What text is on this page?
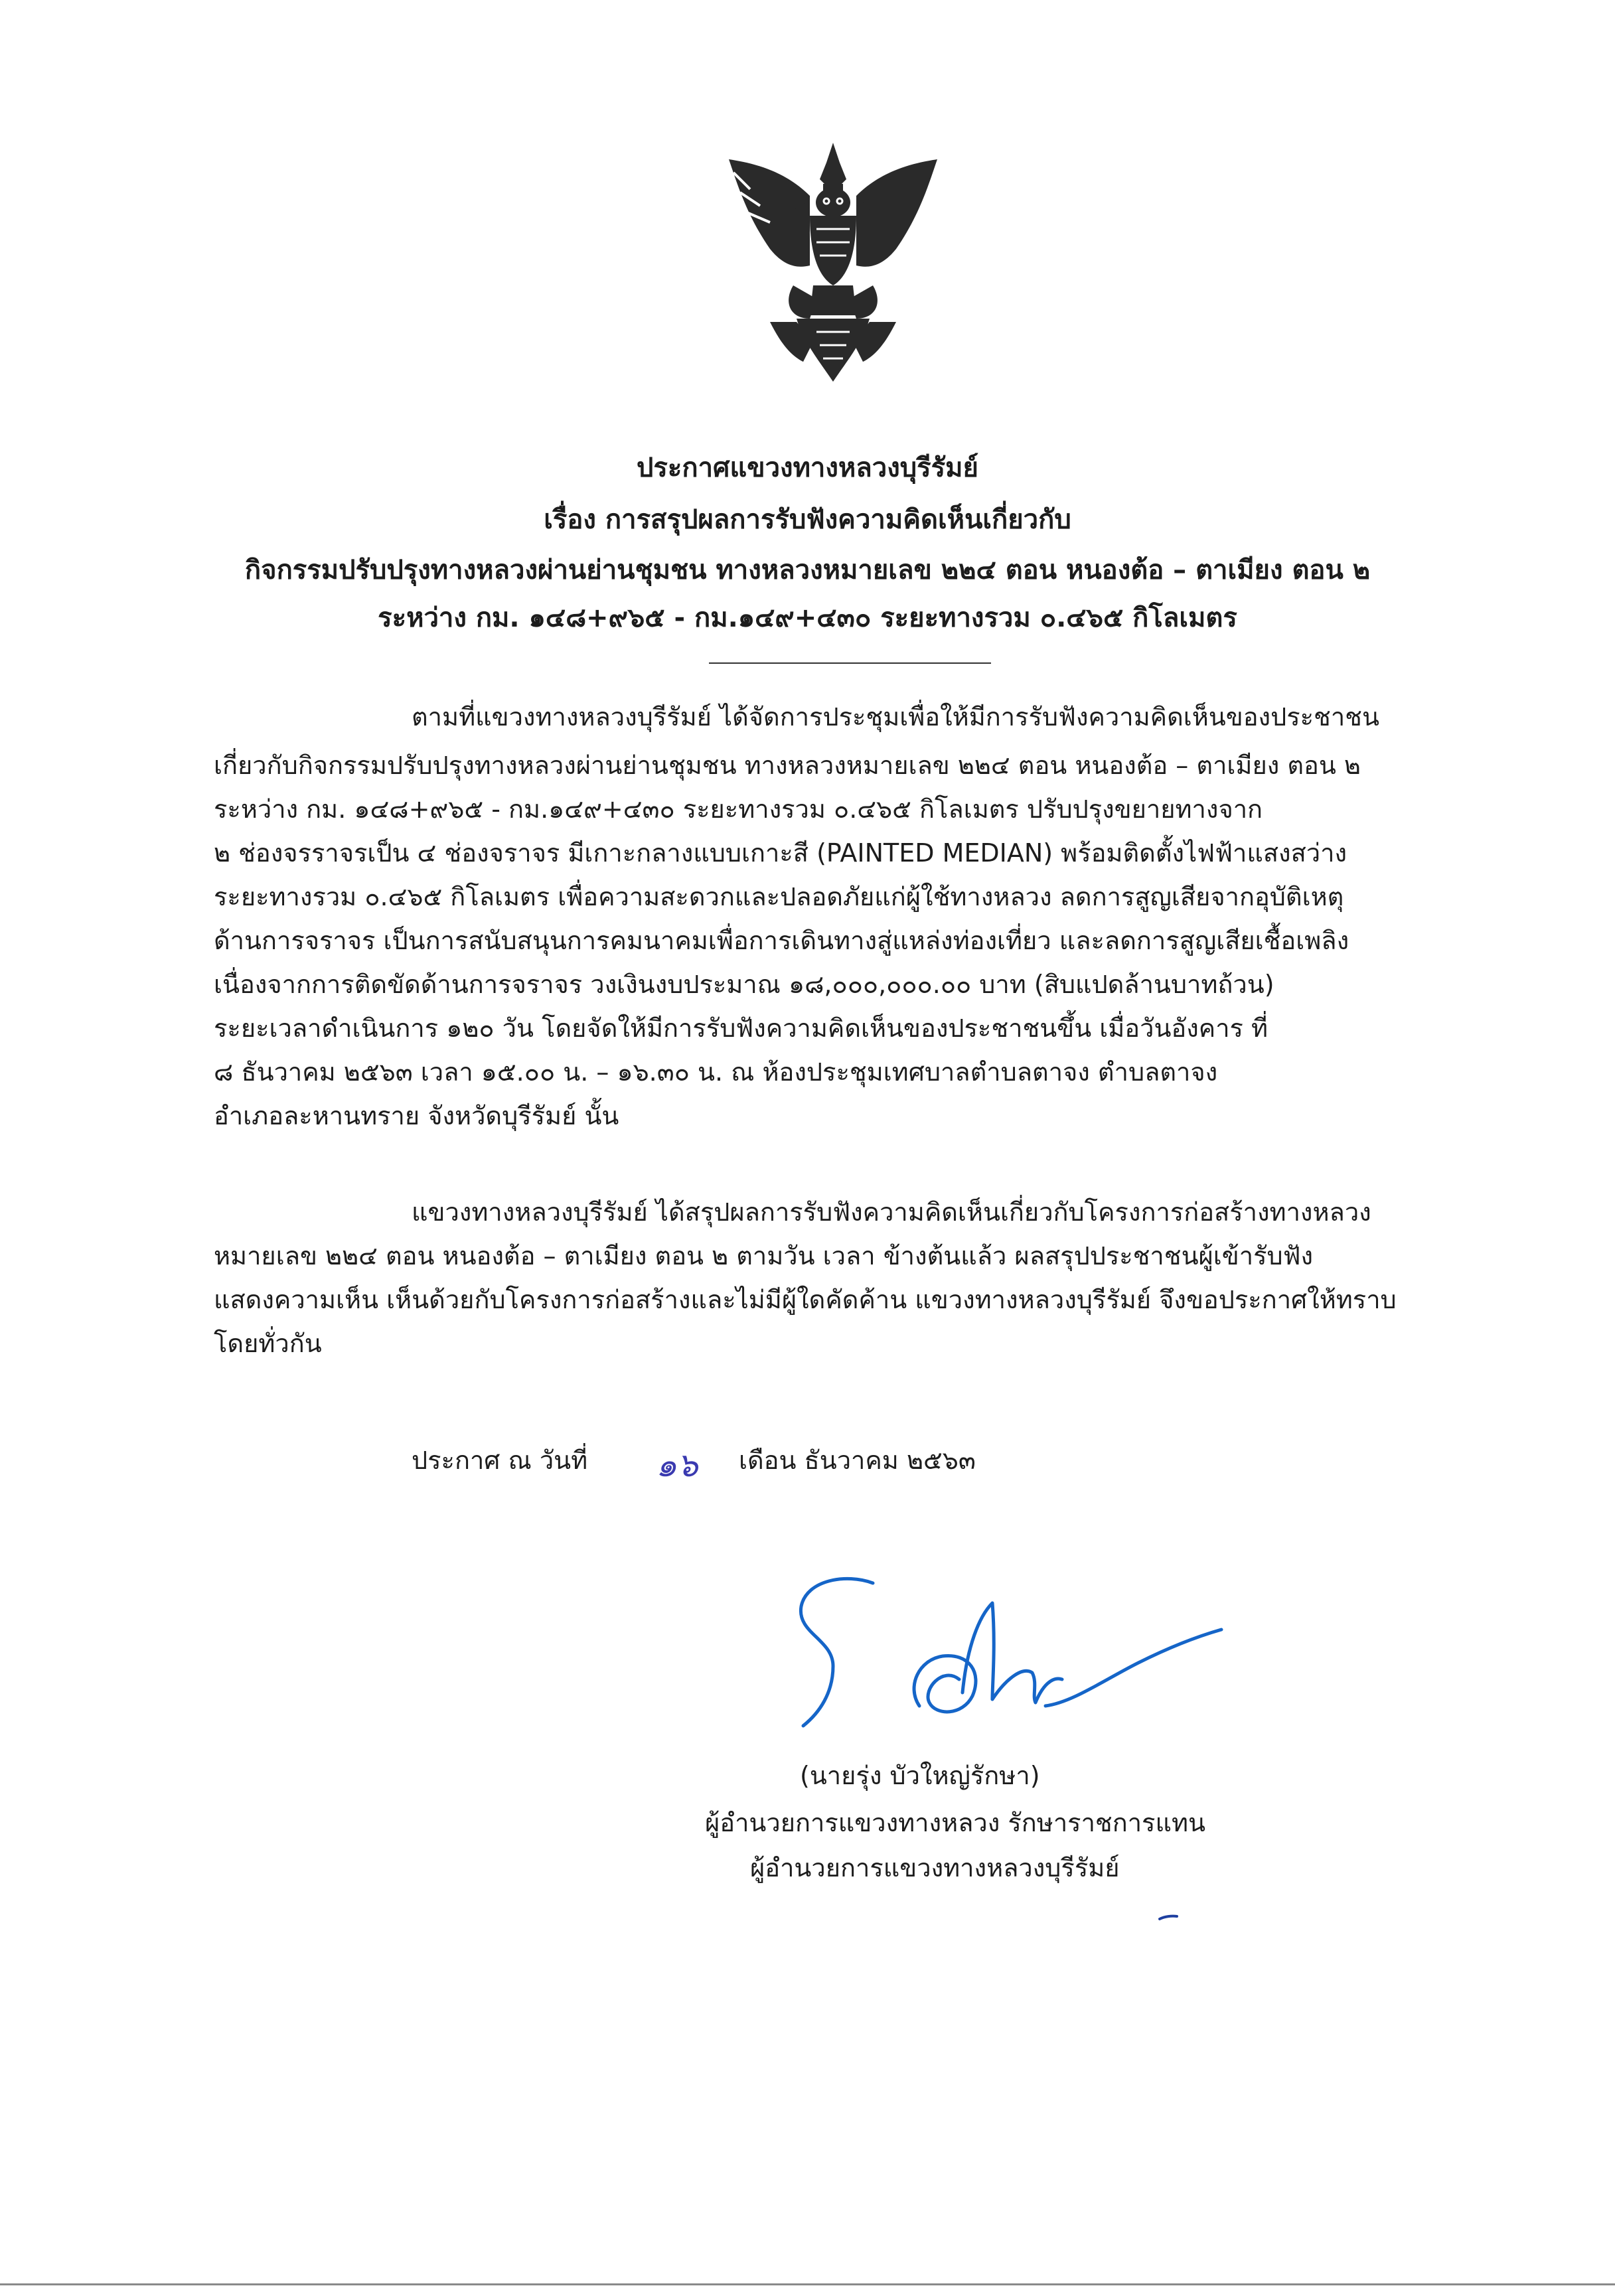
ประกาศแขวงทางหลวงบุรีรัมย์
เรื่อง การสรุปผลการรับฟังความคิดเห็นเกี่ยวกับ
กิจกรรมปรับปรุงทางหลวงผ่านย่านชุมชน ทางหลวงหมายเลข ๒๒๔ ตอน หนองต้อ – ตาเมียง ตอน ๒
ระหว่าง กม. ๑๔๘+๙๖๕ - กม.๑๔๙+๔๓๐ ระยะทางรวม ๐.๔๖๕ กิโลเมตร
ตามที่แขวงทางหลวงบุรีรัมย์ ได้จัดการประชุมเพื่อให้มีการรับฟังความคิดเห็นของประชาชน
เกี่ยวกับกิจกรรมปรับปรุงทางหลวงผ่านย่านชุมชน ทางหลวงหมายเลข ๒๒๔ ตอน หนองต้อ – ตาเมียง ตอน ๒
ระหว่าง กม. ๑๔๘+๙๖๕ - กม.๑๔๙+๔๓๐ ระยะทางรวม ๐.๔๖๕ กิโลเมตร ปรับปรุงขยายทางจาก
๒ ช่องจรราจรเป็น ๔ ช่องจราจร มีเกาะกลางแบบเกาะสี (PAINTED MEDIAN) พร้อมติดตั้งไฟฟ้าแสงสว่าง
ระยะทางรวม ๐.๔๖๕ กิโลเมตร เพื่อความสะดวกและปลอดภัยแก่ผู้ใช้ทางหลวง ลดการสูญเสียจากอุบัติเหตุ
ด้านการจราจร เป็นการสนับสนุนการคมนาคมเพื่อการเดินทางสู่แหล่งท่องเที่ยว และลดการสูญเสียเชื้อเพลิง
เนื่องจากการติดขัดด้านการจราจร วงเงินงบประมาณ ๑๘,๐๐๐,๐๐๐.๐๐ บาท (สิบแปดล้านบาทถ้วน)
ระยะเวลาดำเนินการ ๑๒๐ วัน โดยจัดให้มีการรับฟังความคิดเห็นของประชาชนขึ้น เมื่อวันอังคาร ที่
๘ ธันวาคม ๒๕๖๓ เวลา ๑๕.๐๐ น. – ๑๖.๓๐ น. ณ ห้องประชุมเทศบาลตำบลตาจง ตำบลตาจง
อำเภอละหานทราย จังหวัดบุรีรัมย์ นั้น
แขวงทางหลวงบุรีรัมย์ ได้สรุปผลการรับฟังความคิดเห็นเกี่ยวกับโครงการก่อสร้างทางหลวง
หมายเลข ๒๒๔ ตอน หนองต้อ – ตาเมียง ตอน ๒ ตามวัน เวลา ข้างต้นแล้ว ผลสรุปประชาชนผู้เข้ารับฟัง
แสดงความเห็น เห็นด้วยกับโครงการก่อสร้างและไม่มีผู้ใดคัดค้าน แขวงทางหลวงบุรีรัมย์ จึงขอประกาศให้ทราบ
โดยทั่วกัน
ประกาศ ณ วันที่ ๑๖ เดือน ธันวาคม ๒๕๖๓
(นายรุ่ง บัวใหญ่รักษา)
ผู้อำนวยการแขวงทางหลวง รักษาราชการแทน
ผู้อำนวยการแขวงทางหลวงบุรีรัมย์
